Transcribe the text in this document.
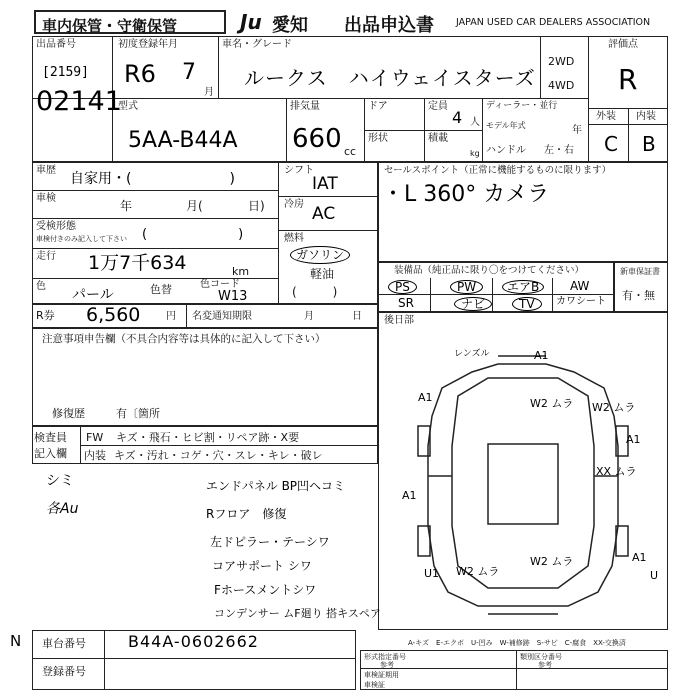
車内保管・守衛保管	Ju 愛知 出品申込書 JAPAN USED CAR DEALERS ASSOCIATION
出品番号
[2159]
02141
初度登録年月
R6 7
月
車名・グレード
ルークス　ハイウェイスターズ
2WD
4WD
評価点
R
外装 内装
C B
型式
5AA-B44A
排気量
660 cc
ドア
形状
定員
4 人
積載
kg
ディーラー・並行
モデル年式	年
ハンドル 左・右
車歴
自家用・(　　　　　　　)
車検
年	月(	日)
受検形態
車検付きのみ記入して下さい (　　　　　　　)
走行 1万7千634	km
色
パール	色替	色コード
W13
シフト
IAT
冷房 AC
燃料
ガソリン
軽油
(　　　)
セールスポイント（正常に機能するものに限ります）
・L 360° カメラ
装備品（純正品に限り〇をつけてください）
PS	PW	エアB	AW
SR	ナビ	TV	カワシート
新車保証書
有・無
R券 6,560	円 名変通知期限	月	日
注意事項申告欄（不具合内容等は具体的に記入して下さい）
修復歴	有〔箇所
後日部
検査員
記入欄
FW キズ・飛石・ヒビ割・リペア跡・X要
内装 キズ・汚れ・コゲ・穴・スレ・キレ・破レ
シミ
各Au
エンドパネル BP凹ヘコミ
Rフロア　修復
左ドピラー・テーシワ
コアサポート シワ
Fホースメントシワ
コンデンサー ムF廻り 搭キスペア
レンズル	A1
A1	W2 ムラ W2 ムラ
A1
XX ムラ
A1
U1 W2 ムラ
W2 ムラ	A1
U
A-キズ　E-エクボ　U-凹み　W-補修跡　S-サビ　C-腐食　XX-交換済
N 車台番号	B44A-0602662
登録番号
形式指定番号
参考
類別区分番号
参考
車検証期用
車検証
